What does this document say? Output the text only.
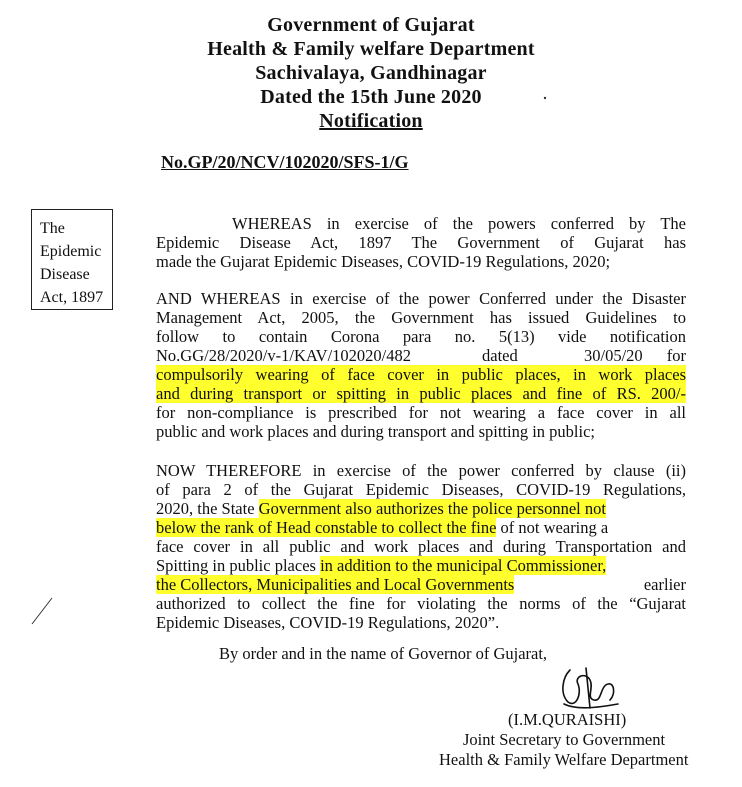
Government of Gujarat
Health & Family welfare Department
Sachivalaya, Gandhinagar
Dated the 15th June 2020
Notification
No.GP/20/NCV/102020/SFS-1/G
The
Epidemic
Disease
Act, 1897
WHEREAS in exercise of the powers conferred by The
Epidemic Disease Act, 1897 The Government of Gujarat has
made the Gujarat Epidemic Diseases, COVID-19 Regulations, 2020;
AND WHEREAS in exercise of the power Conferred under the Disaster
Management Act, 2005, the Government has issued Guidelines to
follow to contain Corona para no. 5(13) vide notification
No.GG/28/2020/v-1/KAV/102020/482	dated	30/05/20 for
compulsorily wearing of face cover in public places, in work places
and during transport or spitting in public places and fine of RS. 200/-
for non-compliance is prescribed for not wearing a face cover in all
public and work places and during transport and spitting in public;
NOW THEREFORE in exercise of the power conferred by clause (ii)
of para 2 of the Gujarat Epidemic Diseases, COVID-19 Regulations,
2020, the State Government also authorizes the police personnel not
below the rank of Head constable to collect the fine of not wearing a
face cover in all public and work places and during Transportation and
Spitting in public places in addition to the municipal Commissioner,
the Collectors, Municipalities and Local Governments	earlier
authorized to collect the fine for violating the norms of the “Gujarat
Epidemic Diseases, COVID-19 Regulations, 2020”.
By order and in the name of Governor of Gujarat,
(I.M.QURAISHI)
Joint Secretary to Government
Health & Family Welfare Department
